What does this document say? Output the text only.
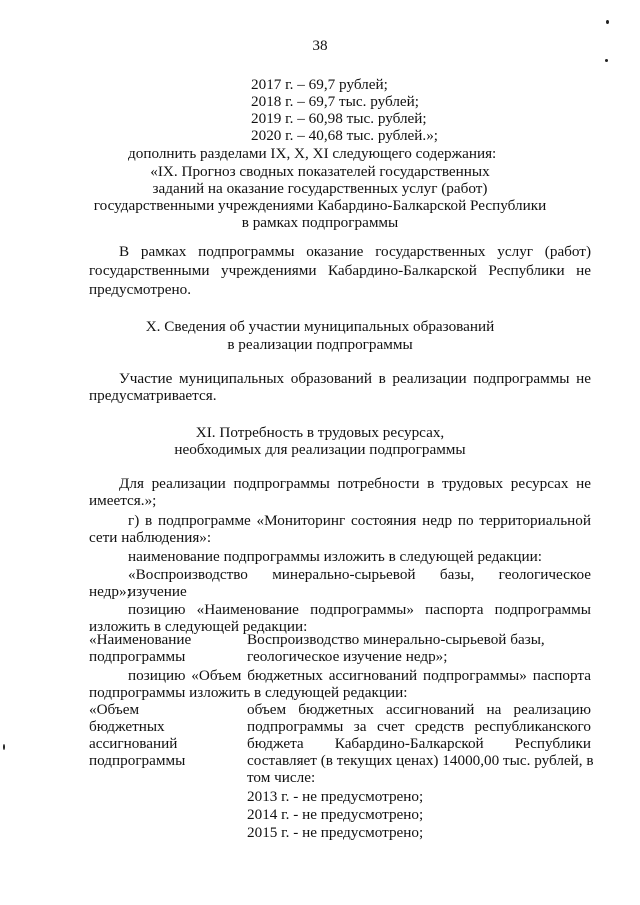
38
2017 г. – 69,7 рублей;
2018 г. – 69,7 тыс. рублей;
2019 г. – 60,98 тыс. рублей;
2020 г. – 40,68 тыс. рублей.»;
дополнить разделами IX, X, XI следующего содержания:
«IX. Прогноз сводных показателей государственных
заданий на оказание государственных услуг (работ)
государственными учреждениями Кабардино-Балкарской Республики
в рамках подпрограммы
В рамках подпрограммы оказание государственных услуг (работ)
государственными учреждениями Кабардино-Балкарской Республики не
предусмотрено.
X. Сведения об участии муниципальных образований
в реализации подпрограммы
Участие муниципальных образований в реализации подпрограммы не
предусматривается.
XI. Потребность в трудовых ресурсах,
необходимых для реализации подпрограммы
Для реализации подпрограммы потребности в трудовых ресурсах не
имеется.»;
г) в подпрограмме «Мониторинг состояния недр по территориальной
сети наблюдения»:
наименование подпрограммы изложить в следующей редакции:
«Воспроизводство минерально-сырьевой базы, геологическое изучение
недр»;
позицию «Наименование подпрограммы» паспорта подпрограммы
изложить в следующей редакции:
«Наименование
подпрограммы
Воспроизводство минерально-сырьевой базы,
геологическое изучение недр»;
позицию «Объем бюджетных ассигнований подпрограммы» паспорта
подпрограммы изложить в следующей редакции:
«Объем
бюджетных
ассигнований
подпрограммы
объем бюджетных ассигнований на реализацию
подпрограммы за счет средств республиканского
бюджета Кабардино-Балкарской Республики
составляет (в текущих ценах) 14000,00 тыс. рублей, в
том числе:
2013 г. - не предусмотрено;
2014 г. - не предусмотрено;
2015 г. - не предусмотрено;
